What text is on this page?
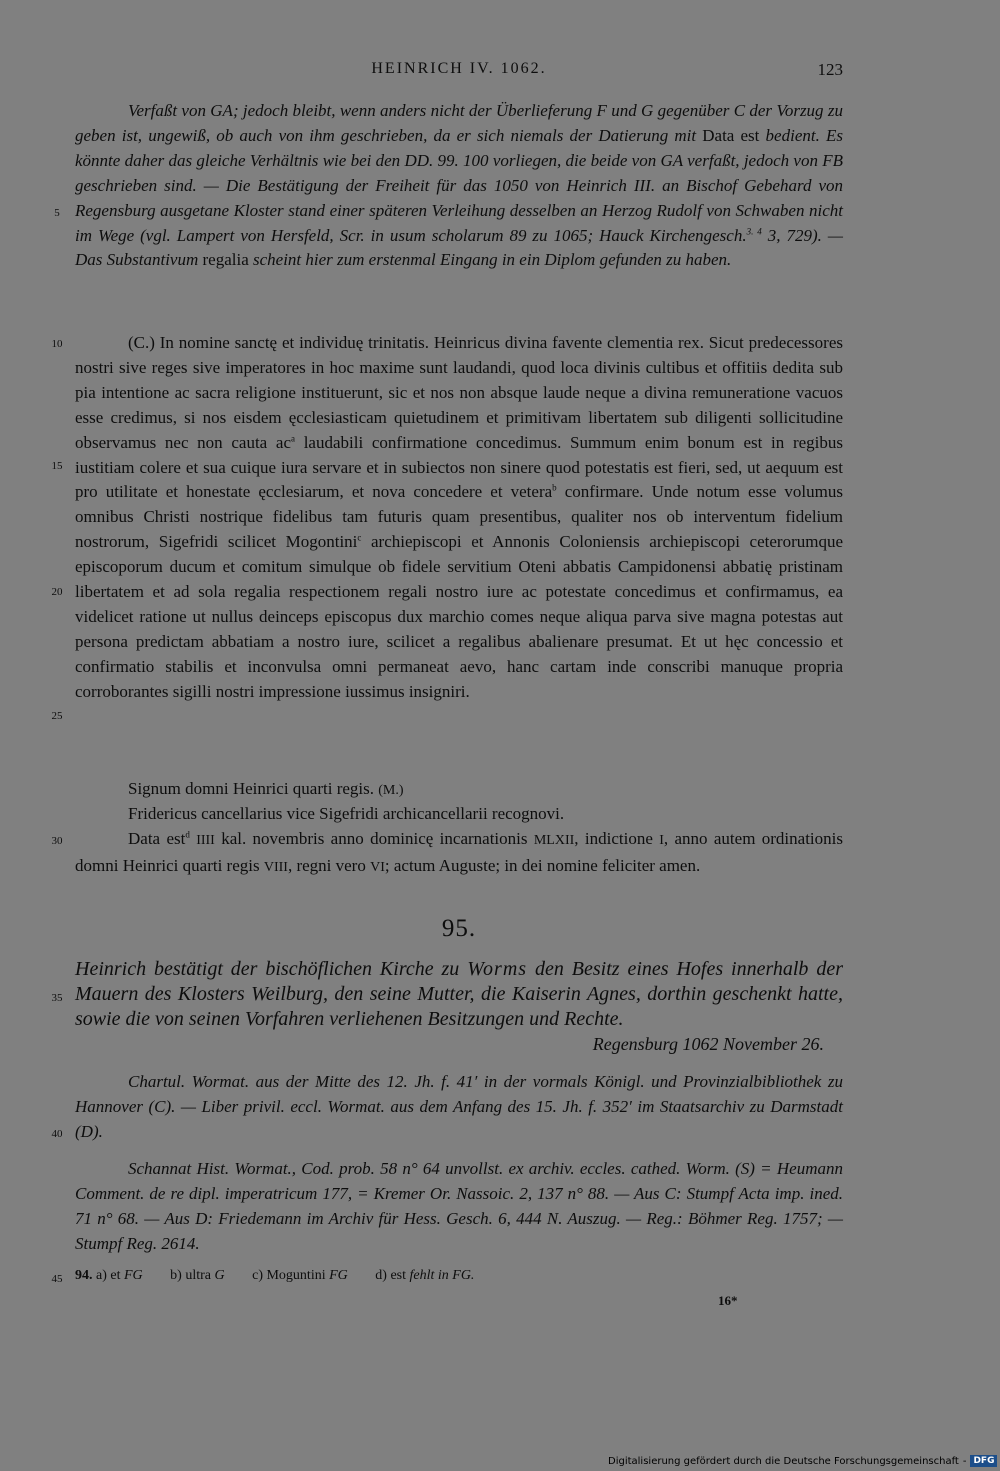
HEINRICH IV. 1062.	123
5
10
15
20
25
30
35
40
45
Verfaßt von GA; jedoch bleibt, wenn anders nicht der Überlieferung F und G gegenüber C der Vorzug zu geben ist, ungewiß, ob auch von ihm geschrieben, da er sich niemals der Datierung mit Data est bedient. Es könnte daher das gleiche Verhältnis wie bei den DD. 99. 100 vorliegen, die beide von GA verfaßt, jedoch von FB geschrieben sind. — Die Bestätigung der Freiheit für das 1050 von Heinrich III. an Bischof Gebehard von Regensburg ausgetane Kloster stand einer späteren Verleihung desselben an Herzog Rudolf von Schwaben nicht im Wege (vgl. Lampert von Hersfeld, Scr. in usum scholarum 89 zu 1065; Hauck Kirchengesch.$^{3. 4}$ 3, 729). — Das Substantivum regalia scheint hier zum erstenmal Eingang in ein Diplom gefunden zu haben.
(C.) In nomine sanctę et individuę trinitatis. Heinricus divina favente clementia rex. Sicut predecessores nostri sive reges sive imperatores in hoc maxime sunt laudandi, quod loca divinis cultibus et offitiis dedita sub pia intentione ac sacra religione instituerunt, sic et nos non absque laude neque a divina remuneratione vacuos esse credimus, si nos eisdem ęcclesiasticam quietudinem et primitivam libertatem sub diligenti sollicitudine observamus nec non cauta $ac^a$ laudabili confirmatione concedimus. Summum enim bonum est in regibus iustitiam colere et sua cuique iura servare et in subiectos non sinere quod potestatis est fieri, sed, ut aequum est pro utilitate et honestate ęcclesiarum, et nova concedere et vetera$^b$ confirmare. Unde notum esse volumus omnibus Christi nostrique fidelibus tam futuris quam presentibus, qualiter nos ob interventum fidelium nostrorum, Sigefridi scilicet Mogontini$^c$ archiepiscopi et Annonis Coloniensis archiepiscopi ceterorumque episcoporum ducum et comitum simulque ob fidele servitium Oteni abbatis Campidonensi abbatię pristinam libertatem et ad sola regalia respectionem regali nostro iure ac potestate concedimus et confirmamus, ea videlicet ratione ut nullus deinceps episcopus dux marchio comes neque aliqua parva sive magna potestas aut persona predictam abbatiam a nostro iure, scilicet a regalibus abalienare presumat. Et ut hęc concessio et confirmatio stabilis et inconvulsa omni permaneat aevo, hanc cartam inde conscribi manuque propria corroborantes sigilli nostri impressione iussimus insigniri.
Signum domni Heinrici quarti regis. (M.)
Fridericus cancellarius vice Sigefridi archicancellarii recognovi.
Data est$^d$ IIII kal. novembris anno dominicę incarnationis MLXII, indictione I, anno autem ordinationis domni Heinrici quarti regis VIII, regni vero VI; actum Auguste; in dei nomine feliciter amen.
95.
Heinrich bestätigt der bischöflichen Kirche zu Worms den Besitz eines Hofes innerhalb der Mauern des Klosters Weilburg, den seine Mutter, die Kaiserin Agnes, dorthin geschenkt hatte, sowie die von seinen Vorfahren verliehenen Besitzungen und Rechte.
Regensburg 1062 November 26.
Chartul. Wormat. aus der Mitte des 12. Jh. f. 41′ in der vormals Königl. und Provinzialbibliothek zu Hannover (C). — Liber privil. eccl. Wormat. aus dem Anfang des 15. Jh. f. 352′ im Staatsarchiv zu Darmstadt (D).
Schannat Hist. Wormat., Cod. prob. 58 n° 64 unvollst. ex archiv. eccles. cathed. Worm. (S) = Heumann Comment. de re dipl. imperatricum 177, = Kremer Or. Nassoic. 2, 137 n° 88. — Aus C: Stumpf Acta imp. ined. 71 n° 68. — Aus D: Friedemann im Archiv für Hess. Gesch. 6, 444 N. Auszug. — Reg.: Böhmer Reg. 1757; — Stumpf Reg. 2614.
94. a) et FG b) ultra G c) Moguntini FG d) est fehlt in FG.
16*
Digitalisierung gefördert durch die Deutsche Forschungsgemeinschaft - DFG
